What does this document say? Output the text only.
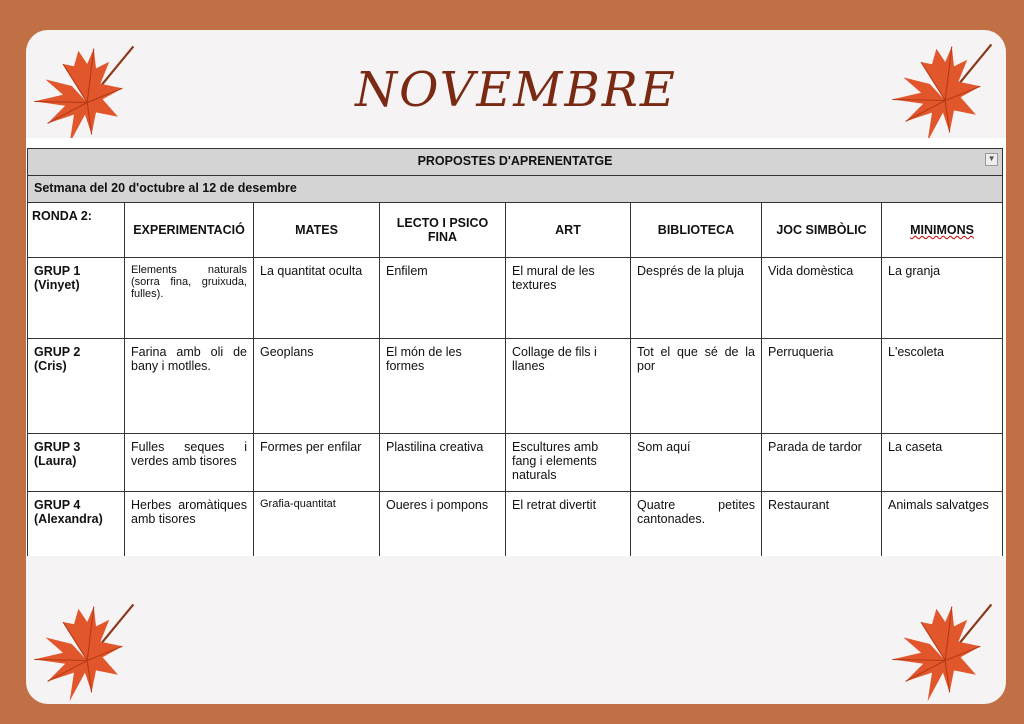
NOVEMBRE
PROPOSTES D'APRENENTATGE ▼							

Setmana del 20 d'octubre al 12 de desembre							
RONDA 2:	EXPERIMENTACIÓ	MATES	LECTO I PSICO FINA	ART	BIBLIOTECA	JOC SIMBÒLIC	MINIMONS

GRUP 1
(Vinyet)	Elements naturals (sorra fina, gruixuda, fulles).	La quantitat oculta	Enfilem	El mural de les textures	Després de la pluja	Vida domèstica	La granja

GRUP 2
(Cris)	Farina amb oli de bany i motlles.	Geoplans	El món de les formes	Collage de fils i llanes	Tot el que sé de la por	Perruqueria	L'escoleta

GRUP 3
(Laura)	Fulles seques i verdes amb tisores	Formes per enfilar	Plastilina creativa	Escultures amb fang i elements naturals	Som aquí	Parada de tardor	La caseta

GRUP 4
(Alexandra)	Herbes aromàtiques amb tisores	Grafia-quantitat	Oueres i pompons	El retrat divertit	Quatre petites cantonades.	Restaurant	Animals salvatges
